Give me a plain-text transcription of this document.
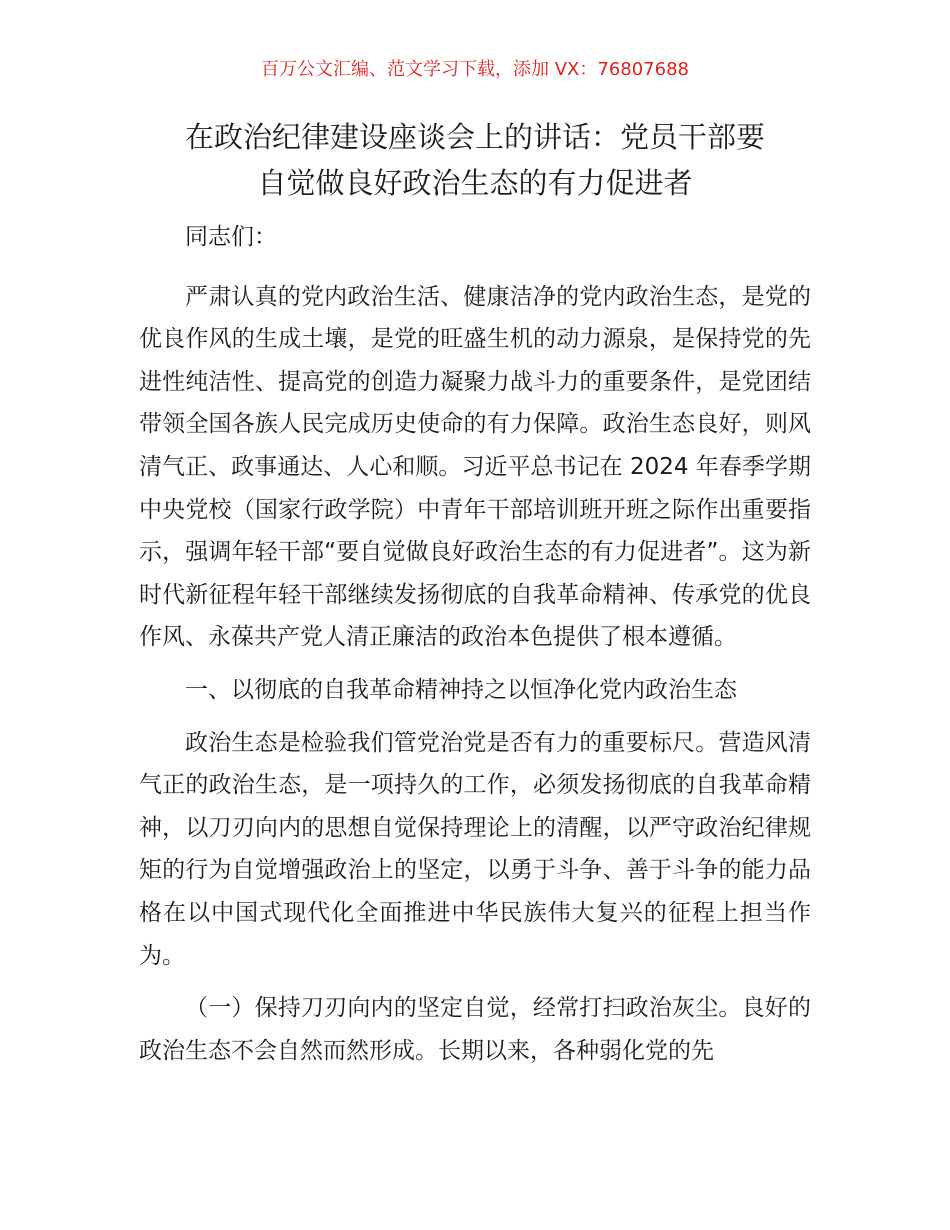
百万公文汇编、范文学习下载，添加 VX：76807688
在政治纪律建设座谈会上的讲话：党员干部要
自觉做良好政治生态的有力促进者

同志们：

严肃认真的党内政治生活、健康洁净的党内政治生态，是党的优良作风的生成土壤，是党的旺盛生机的动力源泉，是保持党的先进性纯洁性、提高党的创造力凝聚力战斗力的重要条件，是党团结带领全国各族人民完成历史使命的有力保障。政治生态良好，则风清气正、政事通达、人心和顺。习近平总书记在 2024 年春季学期中央党校（国家行政学院）中青年干部培训班开班之际作出重要指示，强调年轻干部“要自觉做良好政治生态的有力促进者”。这为新时代新征程年轻干部继续发扬彻底的自我革命精神、传承党的优良作风、永葆共产党人清正廉洁的政治本色提供了根本遵循。

一、以彻底的自我革命精神持之以恒净化党内政治生态

政治生态是检验我们管党治党是否有力的重要标尺。营造风清气正的政治生态，是一项持久的工作，必须发扬彻底的自我革命精神，以刀刃向内的思想自觉保持理论上的清醒，以严守政治纪律规矩的行为自觉增强政治上的坚定，以勇于斗争、善于斗争的能力品格在以中国式现代化全面推进中华民族伟大复兴的征程上担当作为。

（一）保持刀刃向内的坚定自觉，经常打扫政治灰尘。良好的政治生态不会自然而然形成。长期以来，各种弱化党的先
